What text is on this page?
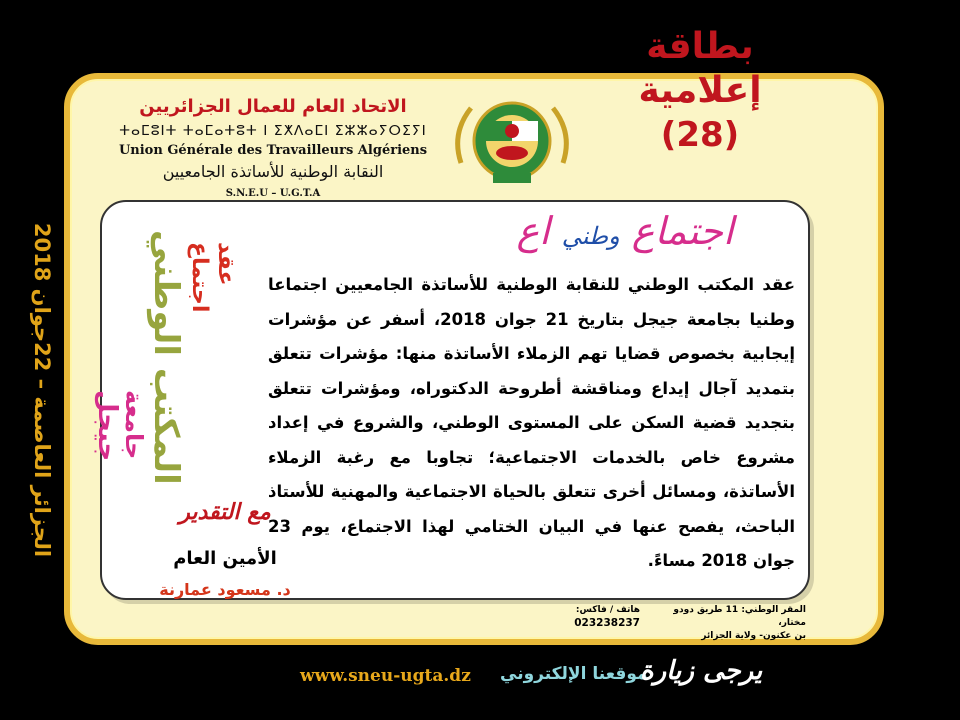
الجزائر العاصمة – 22جوان 2018
بطاقة إعلامية
(28)
الاتحاد العام للعمال الجزائريين
ⵜⴰⵎⵓⵏⵜ ⵜⴰⵎⴰⵜⵓⵜ ⵏ ⵉⵅⴷⴰⵎⵏ ⵉⵣⵣⴰⵢⵔⵉⵢⵏ
Union Générale des Travailleurs Algériens
النقابة الوطنية للأساتذة الجامعيين
S.N.E.U – U.G.T.A
اجتماع وطني اع
عقد المكتب الوطني للنقابة الوطنية للأساتذة الجامعيين اجتماعا وطنيا بجامعة جيجل بتاريخ 21 جوان 2018، أسفر عن مؤشرات إيجابية بخصوص قضايا تهم الزملاء الأساتذة منها: مؤشرات تتعلق بتمديد آجال إيداع ومناقشة أطروحة الدكتوراه، ومؤشرات تتعلق بتجديد قضية السكن على المستوى الوطني، والشروع في إعداد مشروع خاص بالخدمات الاجتماعية؛ تجاوبا مع رغبة الزملاء الأساتذة، ومسائل أخرى تتعلق بالحياة الاجتماعية والمهنية للأستاذ الباحث، يفصح عنها في البيان الختامي لهذا الاجتماع، يوم 23 جوان 2018 مساءً.
عقد
اجتماع
المكتب الوطني
جامعة
جيجل
مع التقدير
الأمين العام
د. مسعود عمارنة
المقر الوطني: 11 طريق دودو مختار،
بن عكنون- ولاية الجزائر
هاتف / فاكس:
023238237
www.sneu-ugta.dz موقعنا الإلكتروني
يرجى زيارة
